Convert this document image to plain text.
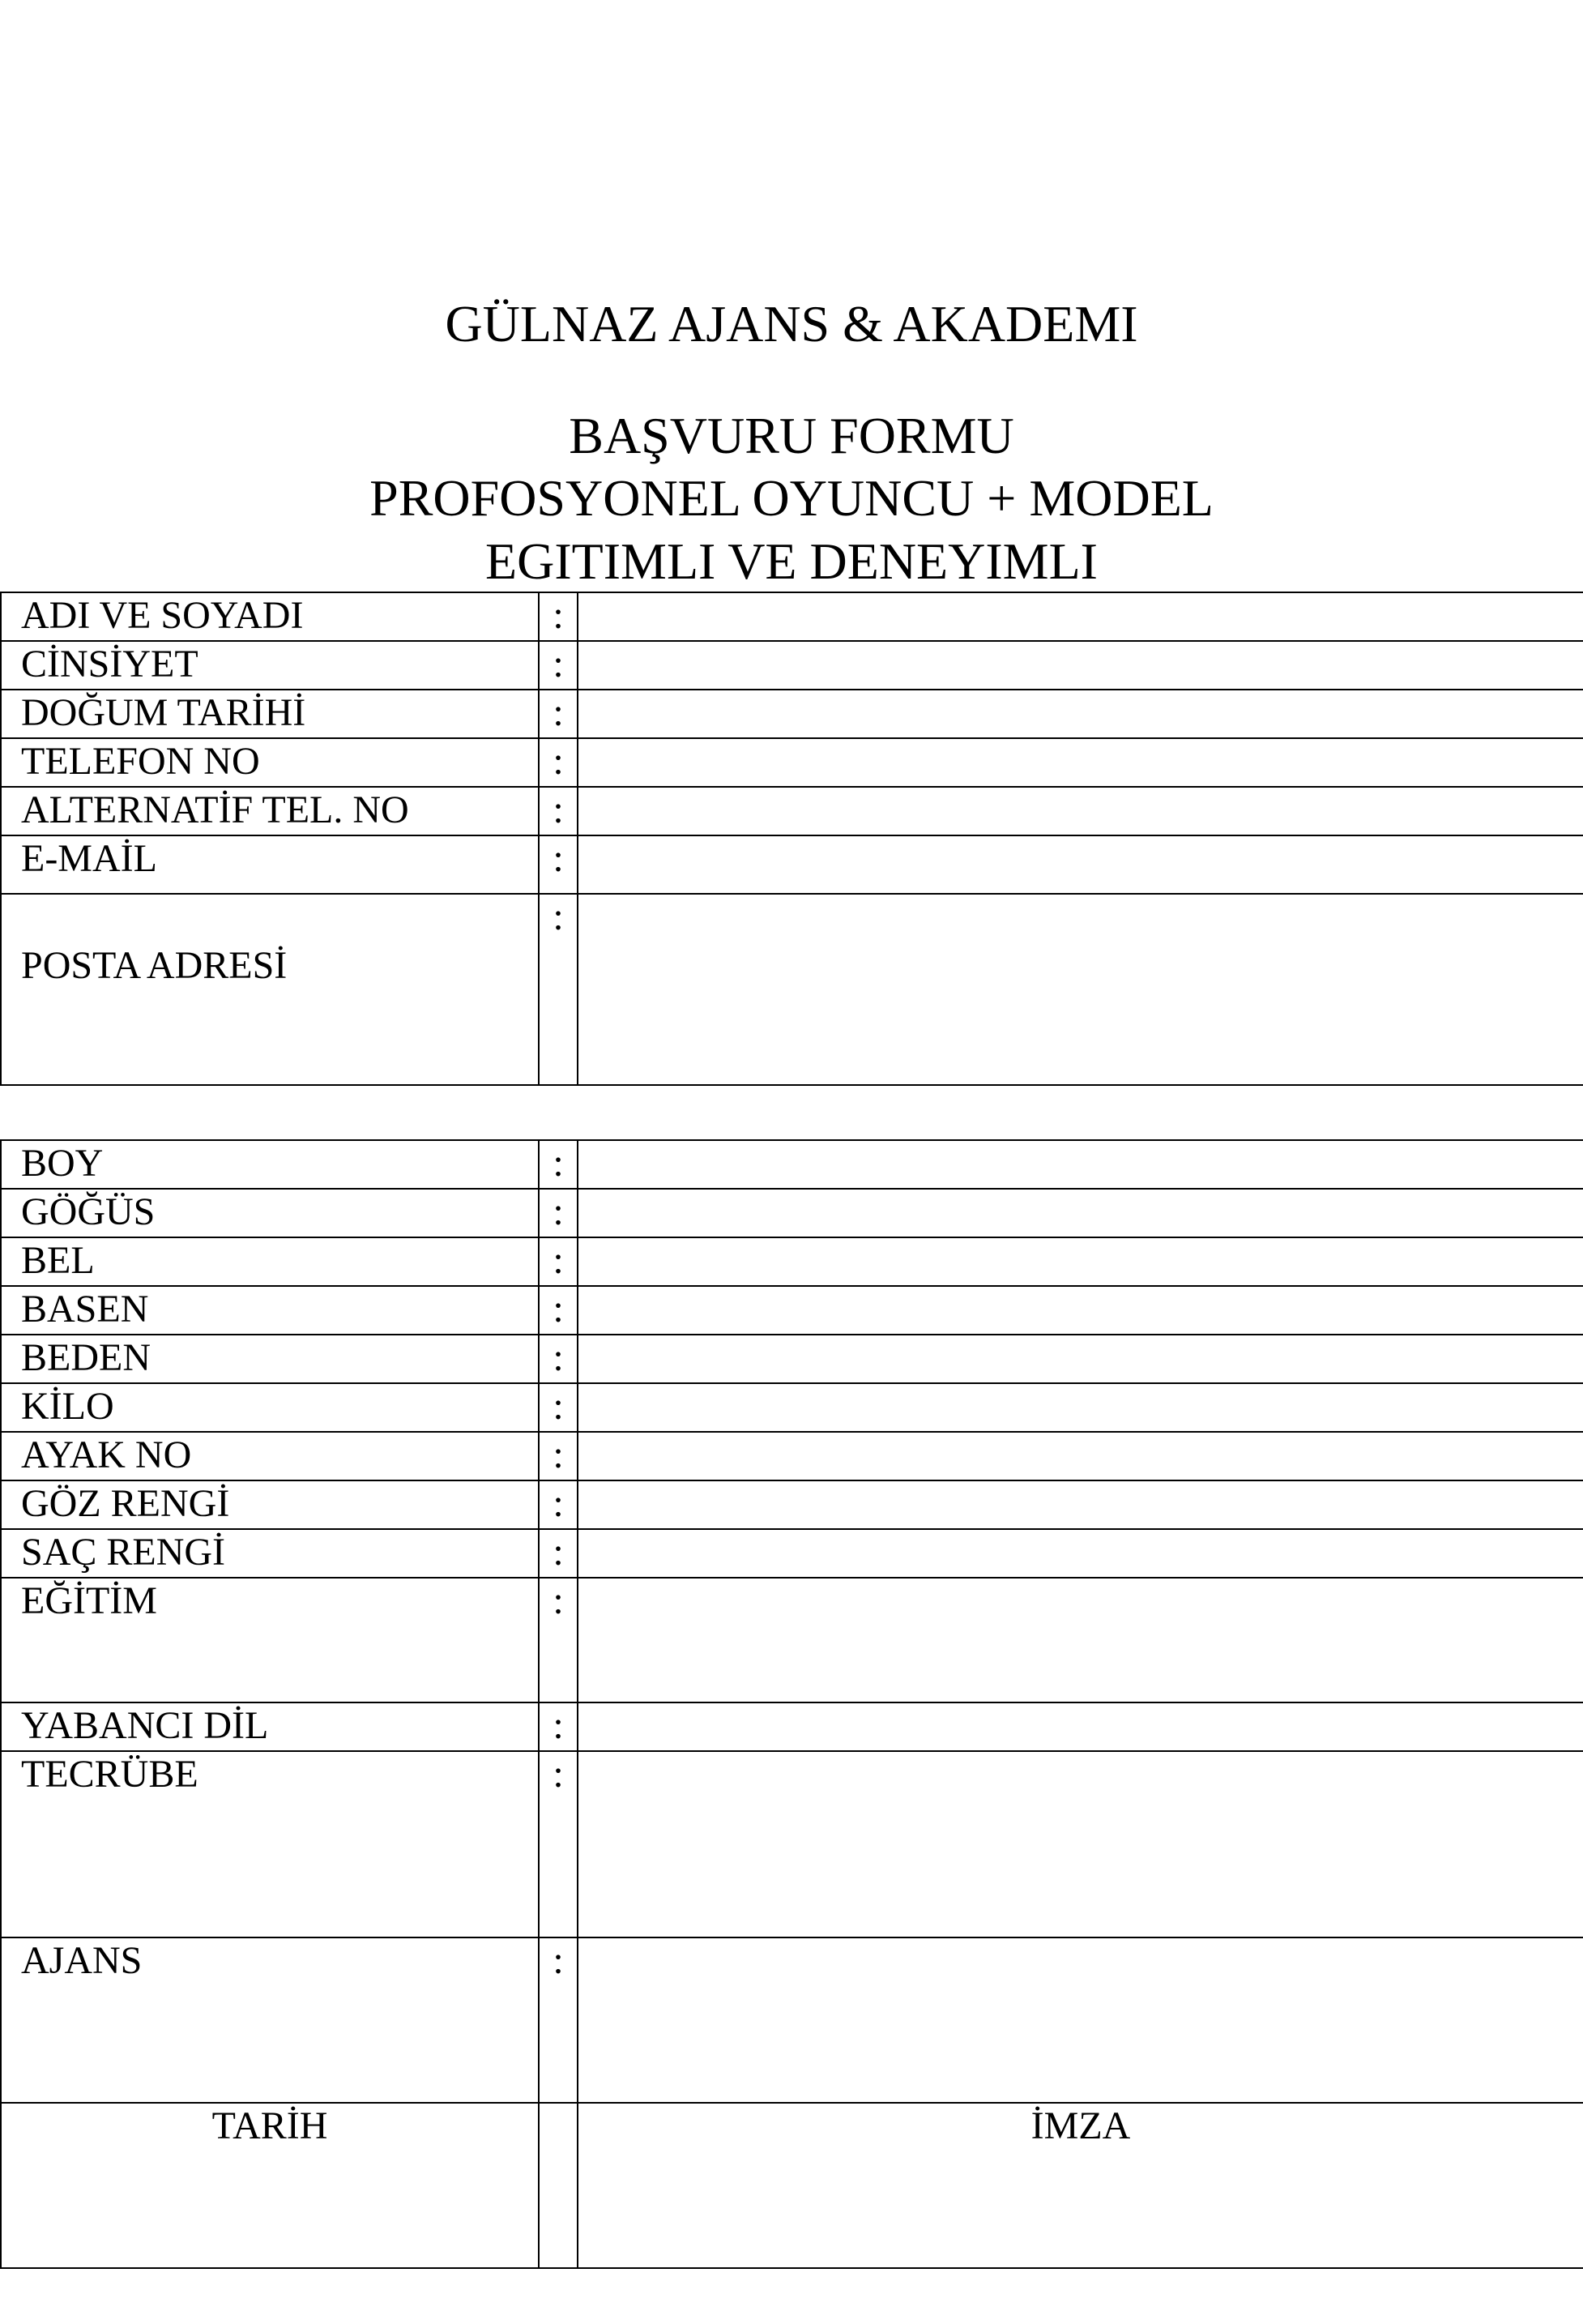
GÜLNAZ AJANS & AKADEMI
BAŞVURU FORMU
PROFOSYONEL OYUNCU + MODEL
EGITIMLI VE DENEYIMLI
ADI VE SOYADI	:	
CİNSİYET	:	
DOĞUM TARİHİ	:	
TELEFON NO	:	
ALTERNATİF TEL. NO	:	
E-MAİL	:	
POSTA ADRESİ	:	
BOY	:	
GÖĞÜS	:	
BEL	:	
BASEN	:	
BEDEN	:	
KİLO	:	
AYAK NO	:	
GÖZ RENGİ	:	
SAÇ RENGİ	:	
EĞİTİM	:	
YABANCI DİL	:	
TECRÜBE	:	
AJANS	:	
TARİH		İMZA
